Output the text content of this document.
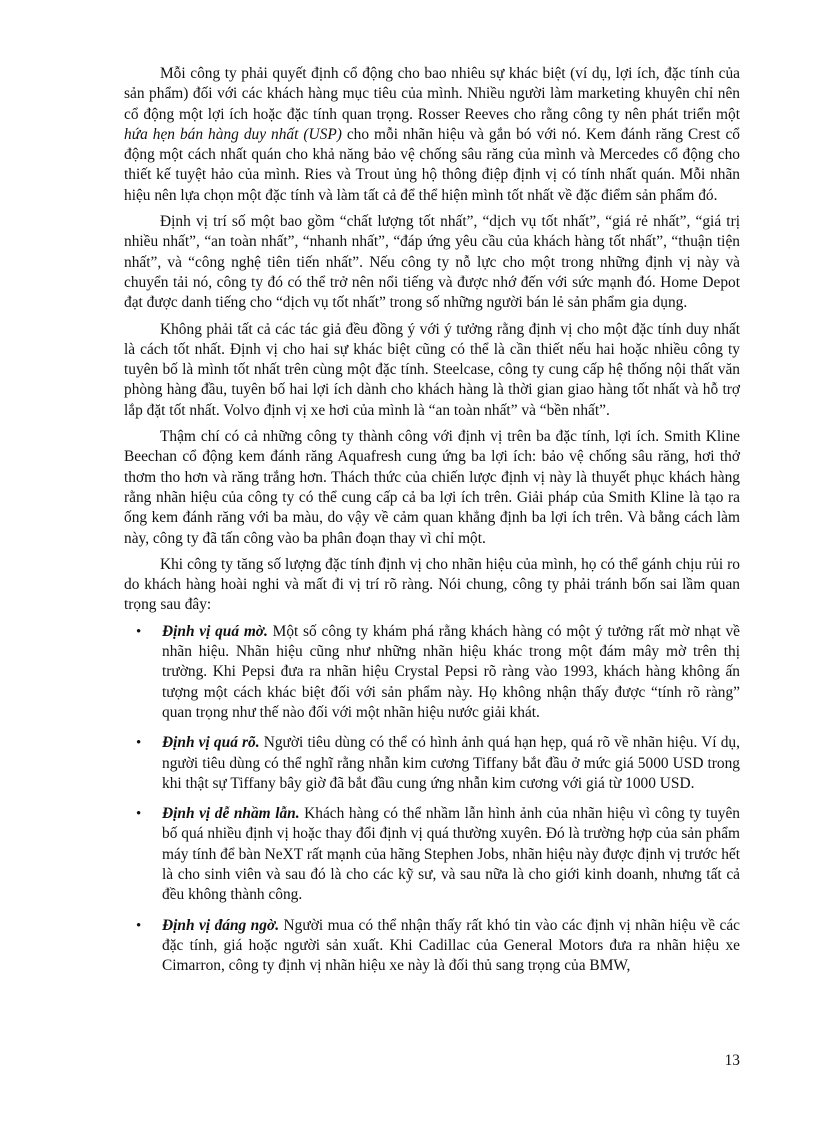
Mỗi công ty phải quyết định cổ động cho bao nhiêu sự khác biệt (ví dụ, lợi ích, đặc tính của sản phẩm) đối với các khách hàng mục tiêu của mình. Nhiều người làm marketing khuyên chỉ nên cổ động một lợi ích hoặc đặc tính quan trọng. Rosser Reeves cho rằng công ty nên phát triển một hứa hẹn bán hàng duy nhất (USP) cho mỗi nhãn hiệu và gắn bó với nó. Kem đánh răng Crest cổ động một cách nhất quán cho khả năng bảo vệ chống sâu răng của mình và Mercedes cổ động cho thiết kế tuyệt hảo của mình. Ries và Trout ủng hộ thông điệp định vị có tính nhất quán. Mỗi nhãn hiệu nên lựa chọn một đặc tính và làm tất cả để thể hiện mình tốt nhất về đặc điểm sản phẩm đó.

Định vị trí số một bao gồm “chất lượng tốt nhất”, “dịch vụ tốt nhất”, “giá rẻ nhất”, “giá trị nhiều nhất”, “an toàn nhất”, “nhanh nhất”, “đáp ứng yêu cầu của khách hàng tốt nhất”, “thuận tiện nhất”, và “công nghệ tiên tiến nhất”. Nếu công ty nỗ lực cho một trong những định vị này và chuyển tải nó, công ty đó có thể trở nên nổi tiếng và được nhớ đến với sức mạnh đó. Home Depot đạt được danh tiếng cho “dịch vụ tốt nhất” trong số những người bán lẻ sản phẩm gia dụng.

Không phải tất cả các tác giả đều đồng ý với ý tưởng rằng định vị cho một đặc tính duy nhất là cách tốt nhất. Định vị cho hai sự khác biệt cũng có thể là cần thiết nếu hai hoặc nhiều công ty tuyên bố là mình tốt nhất trên cùng một đặc tính. Steelcase, công ty cung cấp hệ thống nội thất văn phòng hàng đầu, tuyên bố hai lợi ích dành cho khách hàng là thời gian giao hàng tốt nhất và hỗ trợ lắp đặt tốt nhất. Volvo định vị xe hơi của mình là “an toàn nhất” và “bền nhất”.

Thậm chí có cả những công ty thành công với định vị trên ba đặc tính, lợi ích. Smith Kline Beechan cổ động kem đánh răng Aquafresh cung ứng ba lợi ích: bảo vệ chống sâu răng, hơi thở thơm tho hơn và răng trắng hơn. Thách thức của chiến lược định vị này là thuyết phục khách hàng rằng nhãn hiệu của công ty có thể cung cấp cả ba lợi ích trên. Giải pháp của Smith Kline là tạo ra ống kem đánh răng với ba màu, do vậy về cảm quan khẳng định ba lợi ích trên. Và bằng cách làm này, công ty đã tấn công vào ba phân đoạn thay vì chỉ một.

Khi công ty tăng số lượng đặc tính định vị cho nhãn hiệu của mình, họ có thể gánh chịu rủi ro do khách hàng hoài nghi và mất đi vị trí rõ ràng. Nói chung, công ty phải tránh bốn sai lầm quan trọng sau đây:

• Định vị quá mờ. Một số công ty khám phá rằng khách hàng có một ý tưởng rất mờ nhạt về nhãn hiệu. Nhãn hiệu cũng như những nhãn hiệu khác trong một đám mây mờ trên thị trường. Khi Pepsi đưa ra nhãn hiệu Crystal Pepsi rõ ràng vào 1993, khách hàng không ấn tượng một cách khác biệt đối với sản phẩm này. Họ không nhận thấy được “tính rõ ràng” quan trọng như thế nào đối với một nhãn hiệu nước giải khát.
• Định vị quá rõ. Người tiêu dùng có thể có hình ảnh quá hạn hẹp, quá rõ về nhãn hiệu. Ví dụ, người tiêu dùng có thể nghĩ rằng nhẫn kim cương Tiffany bắt đầu ở mức giá 5000 USD trong khi thật sự Tiffany bây giờ đã bắt đầu cung ứng nhẫn kim cương với giá từ 1000 USD.
• Định vị dễ nhầm lẫn. Khách hàng có thể nhầm lẫn hình ảnh của nhãn hiệu vì công ty tuyên bố quá nhiều định vị hoặc thay đổi định vị quá thường xuyên. Đó là trường hợp của sản phẩm máy tính để bàn NeXT rất mạnh của hãng Stephen Jobs, nhãn hiệu này được định vị trước hết là cho sinh viên và sau đó là cho các kỹ sư, và sau nữa là cho giới kinh doanh, nhưng tất cả đều không thành công.
• Định vị đáng ngờ. Người mua có thể nhận thấy rất khó tin vào các định vị nhãn hiệu về các đặc tính, giá hoặc người sản xuất. Khi Cadillac của General Motors đưa ra nhãn hiệu xe Cimarron, công ty định vị nhãn hiệu xe này là đối thủ sang trọng của BMW,
13
